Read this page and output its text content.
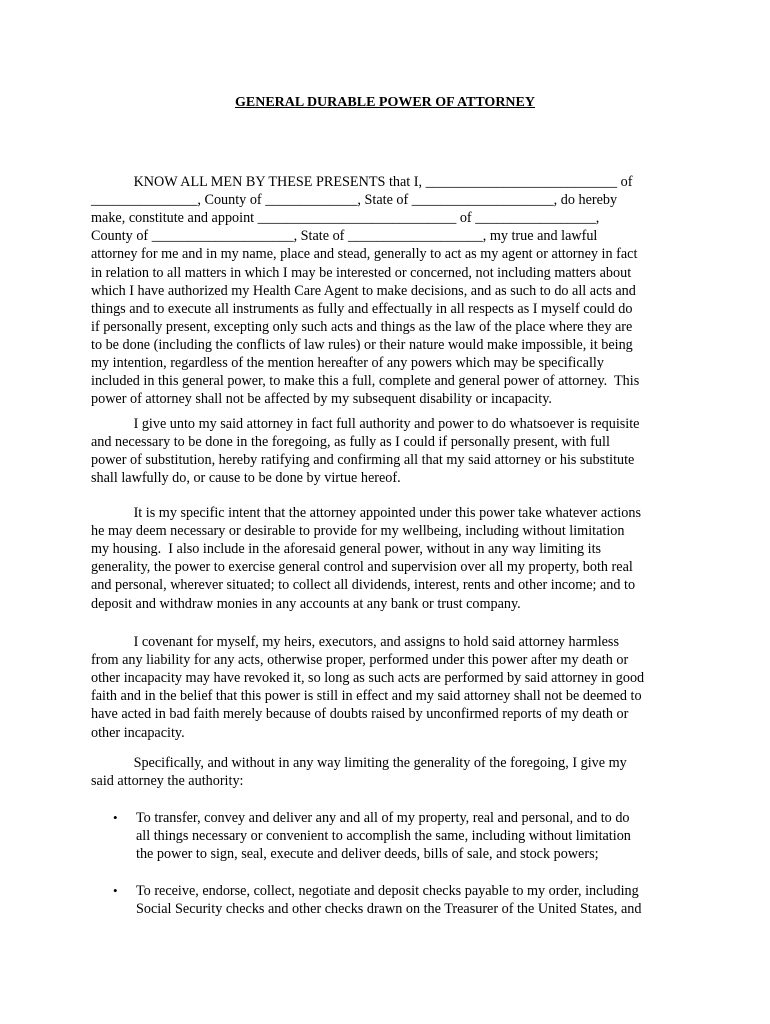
GENERAL DURABLE POWER OF ATTORNEY

KNOW ALL MEN BY THESE PRESENTS that I, ___________________________ of

_______________, County of _____________, State of ____________________, do hereby

make, constitute and appoint ____________________________ of _________________,

County of ____________________, State of ___________________, my true and lawful

attorney for me and in my name, place and stead, generally to act as my agent or attorney in fact

in relation to all matters in which I may be interested or concerned, not including matters about

which I have authorized my Health Care Agent to make decisions, and as such to do all acts and

things and to execute all instruments as fully and effectually in all respects as I myself could do

if personally present, excepting only such acts and things as the law of the place where they are

to be done (including the conflicts of law rules) or their nature would make impossible, it being

my intention, regardless of the mention hereafter of any powers which may be specifically

included in this general power, to make this a full, complete and general power of attorney.  This

power of attorney shall not be affected by my subsequent disability or incapacity.

I give unto my said attorney in fact full authority and power to do whatsoever is requisite

and necessary to be done in the foregoing, as fully as I could if personally present, with full

power of substitution, hereby ratifying and confirming all that my said attorney or his substitute

shall lawfully do, or cause to be done by virtue hereof.

It is my specific intent that the attorney appointed under this power take whatever actions

he may deem necessary or desirable to provide for my wellbeing, including without limitation

my housing.  I also include in the aforesaid general power, without in any way limiting its

generality, the power to exercise general control and supervision over all my property, both real

and personal, wherever situated; to collect all dividends, interest, rents and other income; and to

deposit and withdraw monies in any accounts at any bank or trust company.

I covenant for myself, my heirs, executors, and assigns to hold said attorney harmless

from any liability for any acts, otherwise proper, performed under this power after my death or

other incapacity may have revoked it, so long as such acts are performed by said attorney in good

faith and in the belief that this power is still in effect and my said attorney shall not be deemed to

have acted in bad faith merely because of doubts raised by unconfirmed reports of my death or

other incapacity.

Specifically, and without in any way limiting the generality of the foregoing, I give my

said attorney the authority:

• To transfer, convey and deliver any and all of my property, real and personal, and to do

all things necessary or convenient to accomplish the same, including without limitation

the power to sign, seal, execute and deliver deeds, bills of sale, and stock powers;

• To receive, endorse, collect, negotiate and deposit checks payable to my order, including

Social Security checks and other checks drawn on the Treasurer of the United States, and
